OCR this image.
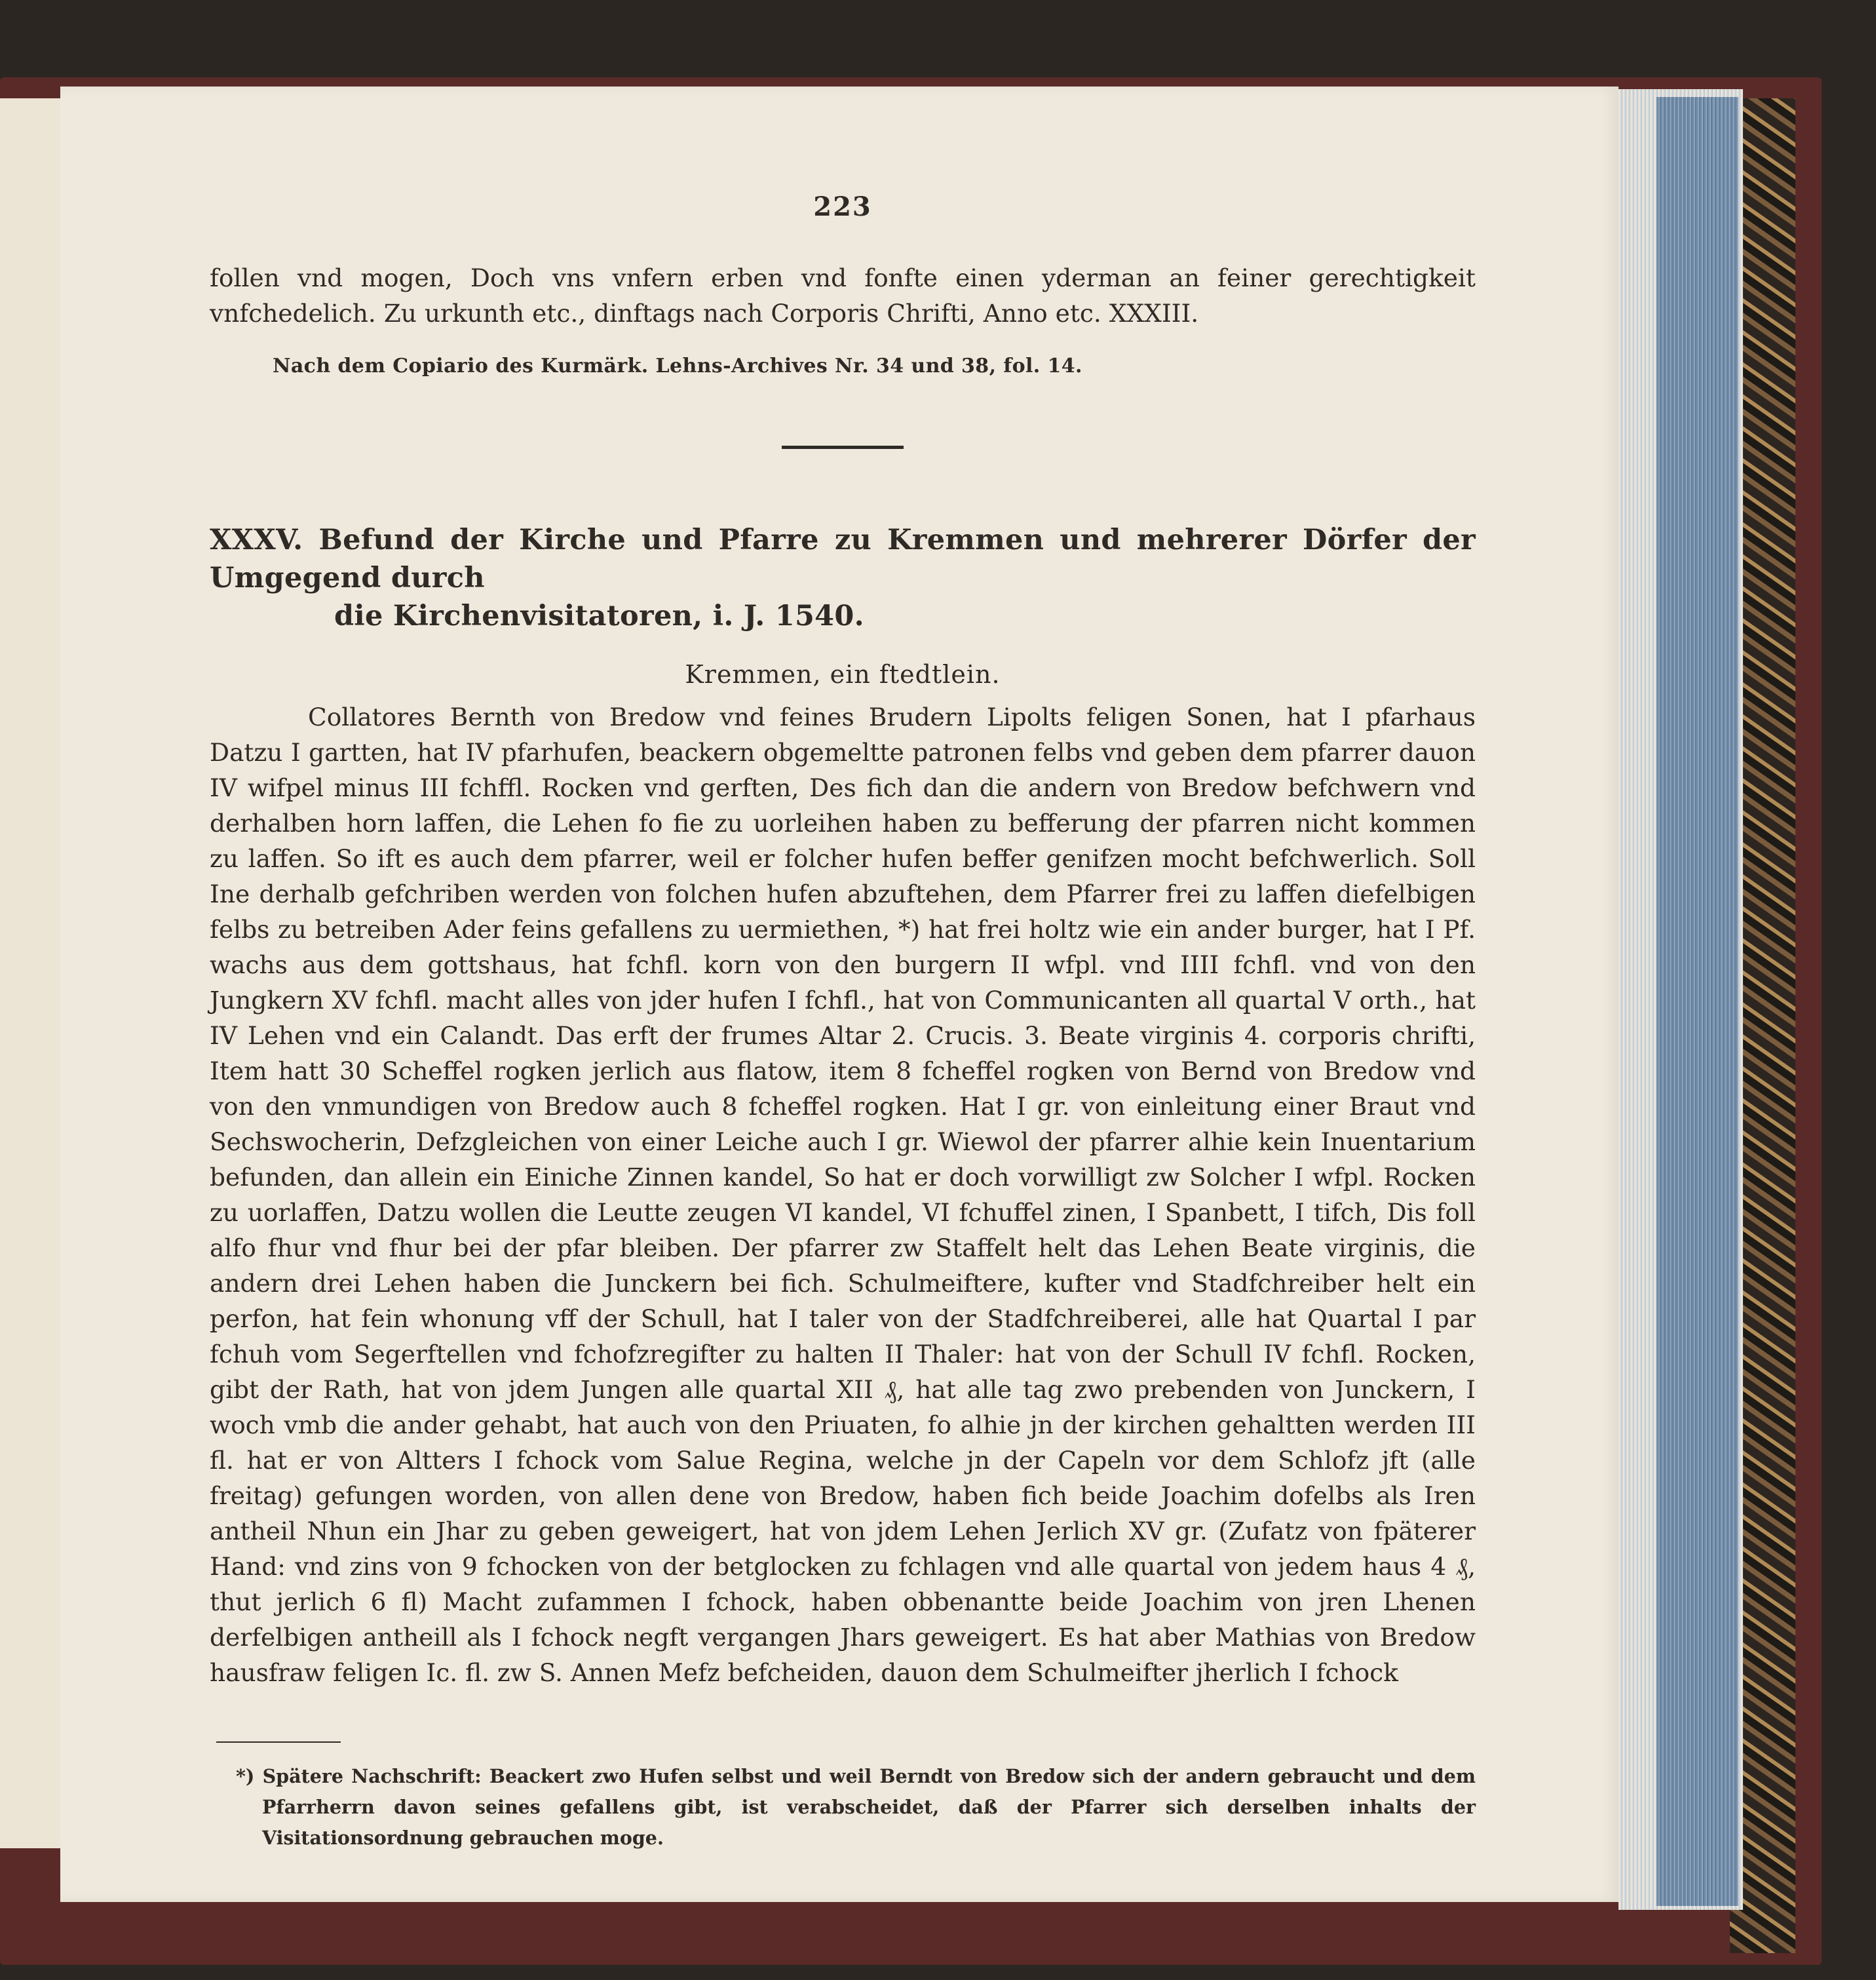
223

follen vnd mogen, Doch vns vnfern erben vnd fonfte einen yderman an feiner gerechtigkeit vnfchedelich. Zu urkunth etc., dinftags nach Corporis Chrifti, Anno etc. XXXIII.

Nach dem Copiario des Kurmärk. Lehns-Archives Nr. 34 und 38, fol. 14.
XXXV. Befund der Kirche und Pfarre zu Kremmen und mehrerer Dörfer der Umgegend durch
die Kirchenvisitatoren, i. J. 1540.
Kremmen, ein ftedtlein.

Collatores Bernth von Bredow vnd feines Brudern Lipolts feligen Sonen, hat I pfarhaus Datzu I gartten, hat IV pfarhufen, beackern obgemeltte patronen felbs vnd geben dem pfarrer dauon IV wifpel minus III fchffl. Rocken vnd gerften, Des fich dan die andern von Bredow befchwern vnd derhalben horn laffen, die Lehen fo fie zu uorleihen haben zu befferung der pfarren nicht kommen zu laffen. So ift es auch dem pfarrer, weil er folcher hufen beffer genifzen mocht befchwerlich. Soll Ine derhalb gefchriben werden von folchen hufen abzuftehen, dem Pfarrer frei zu laffen diefelbigen felbs zu betreiben Ader feins gefallens zu uermiethen, *) hat frei holtz wie ein ander burger, hat I Pf. wachs aus dem gottshaus, hat fchfl. korn von den burgern II wfpl. vnd IIII fchfl. vnd von den Jungkern XV fchfl. macht alles von jder hufen I fchfl., hat von Communicanten all quartal V orth., hat IV Lehen vnd ein Calandt. Das erft der frumes Altar 2. Crucis. 3. Beate virginis 4. corporis chrifti, Item hatt 30 Scheffel rogken jerlich aus flatow, item 8 fcheffel rogken von Bernd von Bredow vnd von den vnmundigen von Bredow auch 8 fcheffel rogken. Hat I gr. von einleitung einer Braut vnd Sechswocherin, Defzgleichen von einer Leiche auch I gr. Wiewol der pfarrer alhie kein Inuentarium befunden, dan allein ein Einiche Zinnen kandel, So hat er doch vorwilligt zw Solcher I wfpl. Rocken zu uorlaffen, Datzu wollen die Leutte zeugen VI kandel, VI fchuffel zinen, I Spanbett, I tifch, Dis foll alfo fhur vnd fhur bei der pfar bleiben. Der pfarrer zw Staffelt helt das Lehen Beate virginis, die andern drei Lehen haben die Junckern bei fich. Schulmeiftere, kufter vnd Stadfchreiber helt ein perfon, hat fein whonung vff der Schull, hat I taler von der Stadfchreiberei, alle hat Quartal I par fchuh vom Segerftellen vnd fchofzregifter zu halten II Thaler: hat von der Schull IV fchfl. Rocken, gibt der Rath, hat von jdem Jungen alle quartal XII ₰, hat alle tag zwo prebenden von Junckern, I woch vmb die ander gehabt, hat auch von den Priuaten, fo alhie jn der kirchen gehaltten werden III fl. hat er von Altters I fchock vom Salue Regina, welche jn der Capeln vor dem Schlofz jft (alle freitag) gefungen worden, von allen dene von Bredow, haben fich beide Joachim dofelbs als Iren antheil Nhun ein Jhar zu geben geweigert, hat von jdem Lehen Jerlich XV gr. (Zufatz von fpäterer Hand: vnd zins von 9 fchocken von der betglocken zu fchlagen vnd alle quartal von jedem haus 4 ₰, thut jerlich 6 fl) Macht zufammen I fchock, haben obbenantte beide Joachim von jren Lhenen derfelbigen antheill als I fchock negft vergangen Jhars geweigert. Es hat aber Mathias von Bredow hausfraw feligen Ic. fl. zw S. Annen Mefz befcheiden, dauon dem Schulmeifter jherlich I fchock

*) Spätere Nachschrift: Beackert zwo Hufen selbst und weil Berndt von Bredow sich der andern gebraucht und dem Pfarrherrn davon seines gefallens gibt, ist verabscheidet, daß der Pfarrer sich derselben inhalts der Visitationsordnung gebrauchen moge.
